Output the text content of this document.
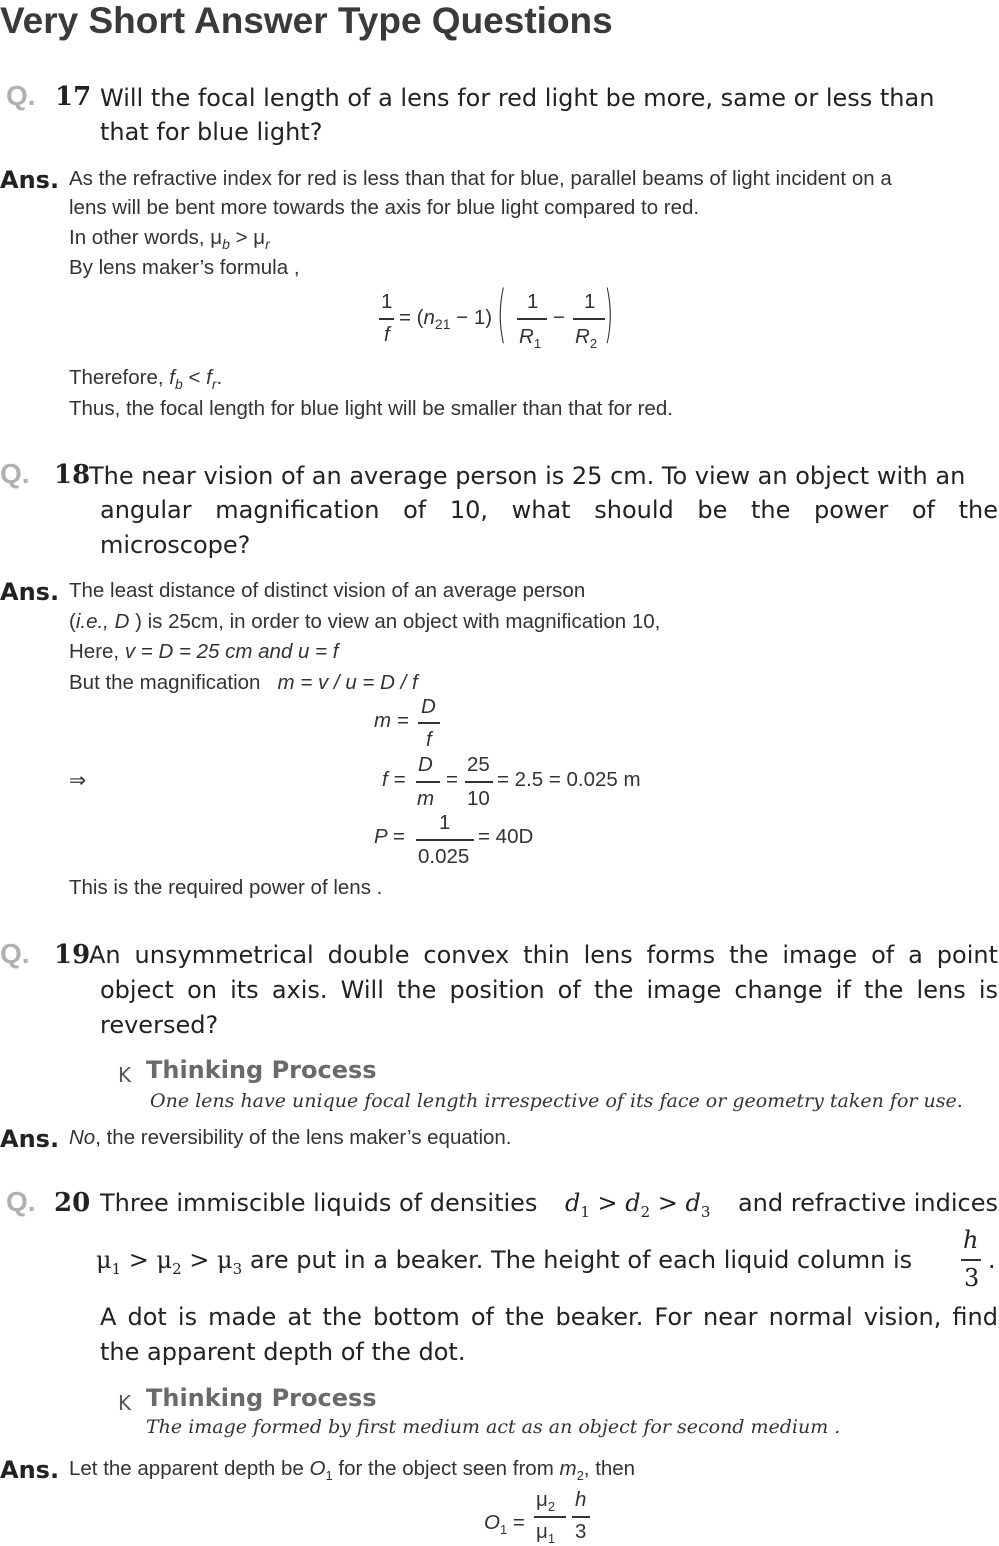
Very Short Answer Type Questions
Q. 17 Will the focal length of a lens for red light be more, same or less than
that for blue light?
Ans. As the refractive index for red is less than that for blue, parallel beams of light incident on a
lens will be bent more towards the axis for blue light compared to red.
In other words, $\mu_b > \mu_r$
By lens maker’s formula ,
1
f
= $(n_{21} - 1)$ ( 1
$R_1$
−
1
$R_2$ )
Therefore, $f_b < f_r$.
Thus, the focal length for blue light will be smaller than that for red.
Q. 18
The near vision of an average person is 25 cm. To view an object with an
angular magnification of 10, what should be the power of the
microscope?
Ans. The least distance of distinct vision of an average person
(i.e., D ) is 25cm, in order to view an object with magnification 10,
Here, v = D = 25 cm and u = f
But the magnification m = v / u = D / f
m =
D
f
⇒	f =
D
m
=
25
10
= 2.5 = 0.025 m
P =
1
0.025
= 40D
This is the required power of lens .
Q. 19
An unsymmetrical double convex thin lens forms the image of a point
object on its axis. Will the position of the image change if the lens is
reversed?
K Thinking Process
One lens have unique focal length irrespective of its face or geometry taken for use.
Ans. No, the reversibility of the lens maker’s equation.
Q. 20 Three immiscible liquids of densities $d_1 > d_2 > d_3$ and refractive indices
$\mu_1 > \mu_2 > \mu_3$ are put in a beaker. The height of each liquid column is
h
3
.
A dot is made at the bottom of the beaker. For near normal vision, find
the apparent depth of the dot.
K Thinking Process
The image formed by first medium act as an object for second medium .
Ans. Let the apparent depth be $O_1$ for the object seen from $m_2$, then
$O_1$ =
$\mu_2$
$\mu_1$
h
3
